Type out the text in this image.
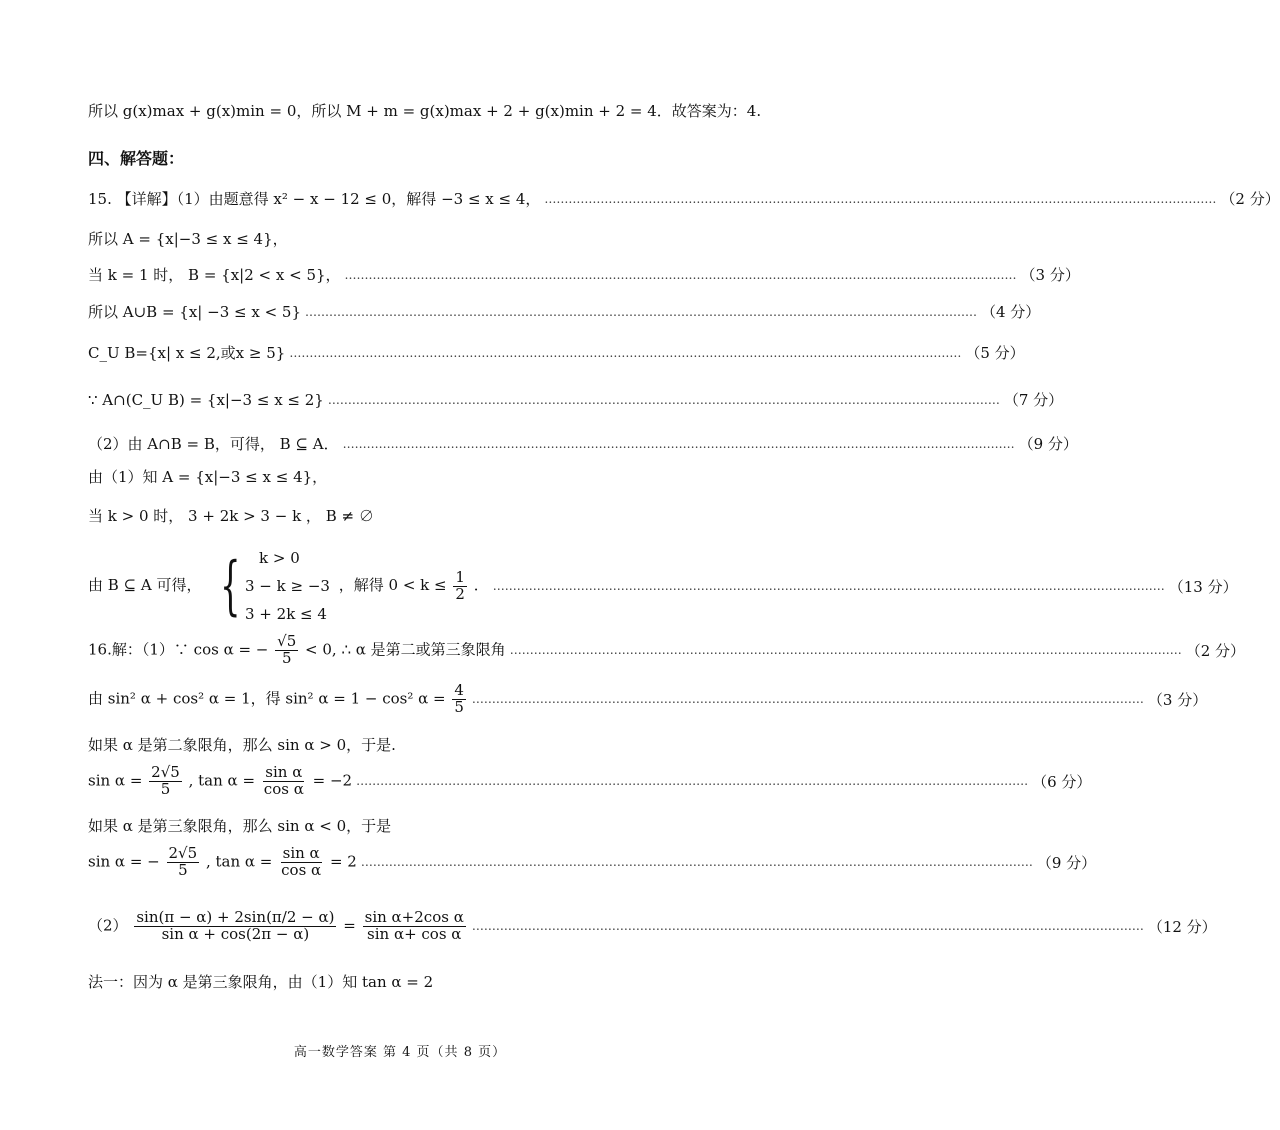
所以 g(x)max + g(x)min = 0，所以 M + m = g(x)max + 2 + g(x)min + 2 = 4．故答案为：4.
四、解答题：
15. 【详解】（1）由题意得 x² − x − 12 ≤ 0，解得 −3 ≤ x ≤ 4， …………………………………………………………………………………………………………………………………………………… （2 分）
所以 A = {x|−3 ≤ x ≤ 4}，
当 k = 1 时， B = {x|2 < x < 5}， …………………………………………………………………………………………………………………………………………………… （3 分）
所以 A∪B = {x| −3 ≤ x < 5} …………………………………………………………………………………………………………………………………………………… （4 分）
C_U B={x| x ≤ 2,或x ≥ 5} …………………………………………………………………………………………………………………………………………………… （5 分）
∵ A∩(C_U B) = {x|−3 ≤ x ≤ 2} …………………………………………………………………………………………………………………………………………………… （7 分）
（2）由 A∩B = B，可得， B ⊆ A． …………………………………………………………………………………………………………………………………………………… （9 分）
由（1）知 A = {x|−3 ≤ x ≤ 4}，
当 k > 0 时， 3 + 2k > 3 − k ， B ≠ ∅
由 B ⊆ A 可得， {	k > 0
3 − k ≥ −3
3 + 2k ≤ 4
，解得 $0 < k \le \frac{1}{2}$ ． …………………………………………………………………………………………………………………………………………………… （13 分）
16.解：（1）∵ cos α = − $\frac{√5}{5} < 0$, ∴ α 是第二或第三象限角 …………………………………………………………………………………………………………………………………………………… （2 分）
由 sin² α + cos² α = 1，得 sin² α = 1 − cos² $\alpha = \frac{4}{5}$ …………………………………………………………………………………………………………………………………………………… （3 分）
如果 α 是第二象限角，那么 sin α > 0，于是.
$\sin \alpha = \frac{2√5}{5}$ , $\tan \alpha = \frac{\text{sin α}}{\text{cos α}} = -2$ …………………………………………………………………………………………………………………………………………………… （6 分）
如果 α 是第三象限角，那么 sin α < 0，于是
sin α = − $\frac{2√5}{5}$ , $\tan \alpha = \frac{\text{sin α}}{\text{cos α}} = 2$ …………………………………………………………………………………………………………………………………………………… （9 分）
$(2) \frac{\sin(\pi - \alpha) + 2\sin(\pi/2 - \alpha)}{\text{sin α + cos(2π − α)}} = \frac{\text{sin α+2cos α}}{\text{sin α+ cos α}}$ …………………………………………………………………………………………………………………………………………………… （12 分）
法一：因为 α 是第三象限角，由（1）知 tan α = 2
高一数学答案 第 4 页（共 8 页）
